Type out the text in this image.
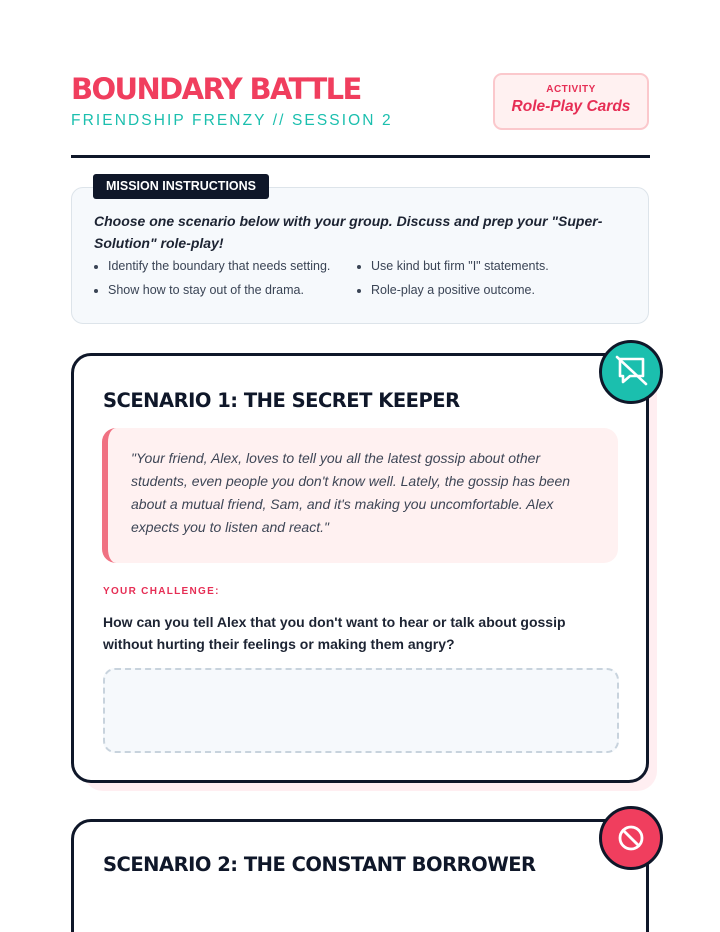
BOUNDARY BATTLE
FRIENDSHIP FRENZY // SESSION 2
ACTIVITY
Role-Play Cards

Choose one scenario below with your group. Discuss and prep your "Super-Solution" role-play!

Identify the boundary that needs setting.	Use kind but firm "I" statements.
Show how to stay out of the drama.	Role-play a positive outcome.
MISSION INSTRUCTIONS
SCENARIO 1: THE SECRET KEEPER
"Your friend, Alex, loves to tell you all the latest gossip about other students, even people you don't know well. Lately, the gossip has been about a mutual friend, Sam, and it's making you uncomfortable. Alex expects you to listen and react."
YOUR CHALLENGE:
How can you tell Alex that you don't want to hear or talk about gossip without hurting their feelings or making them angry?
SCENARIO 2: THE CONSTANT BORROWER
